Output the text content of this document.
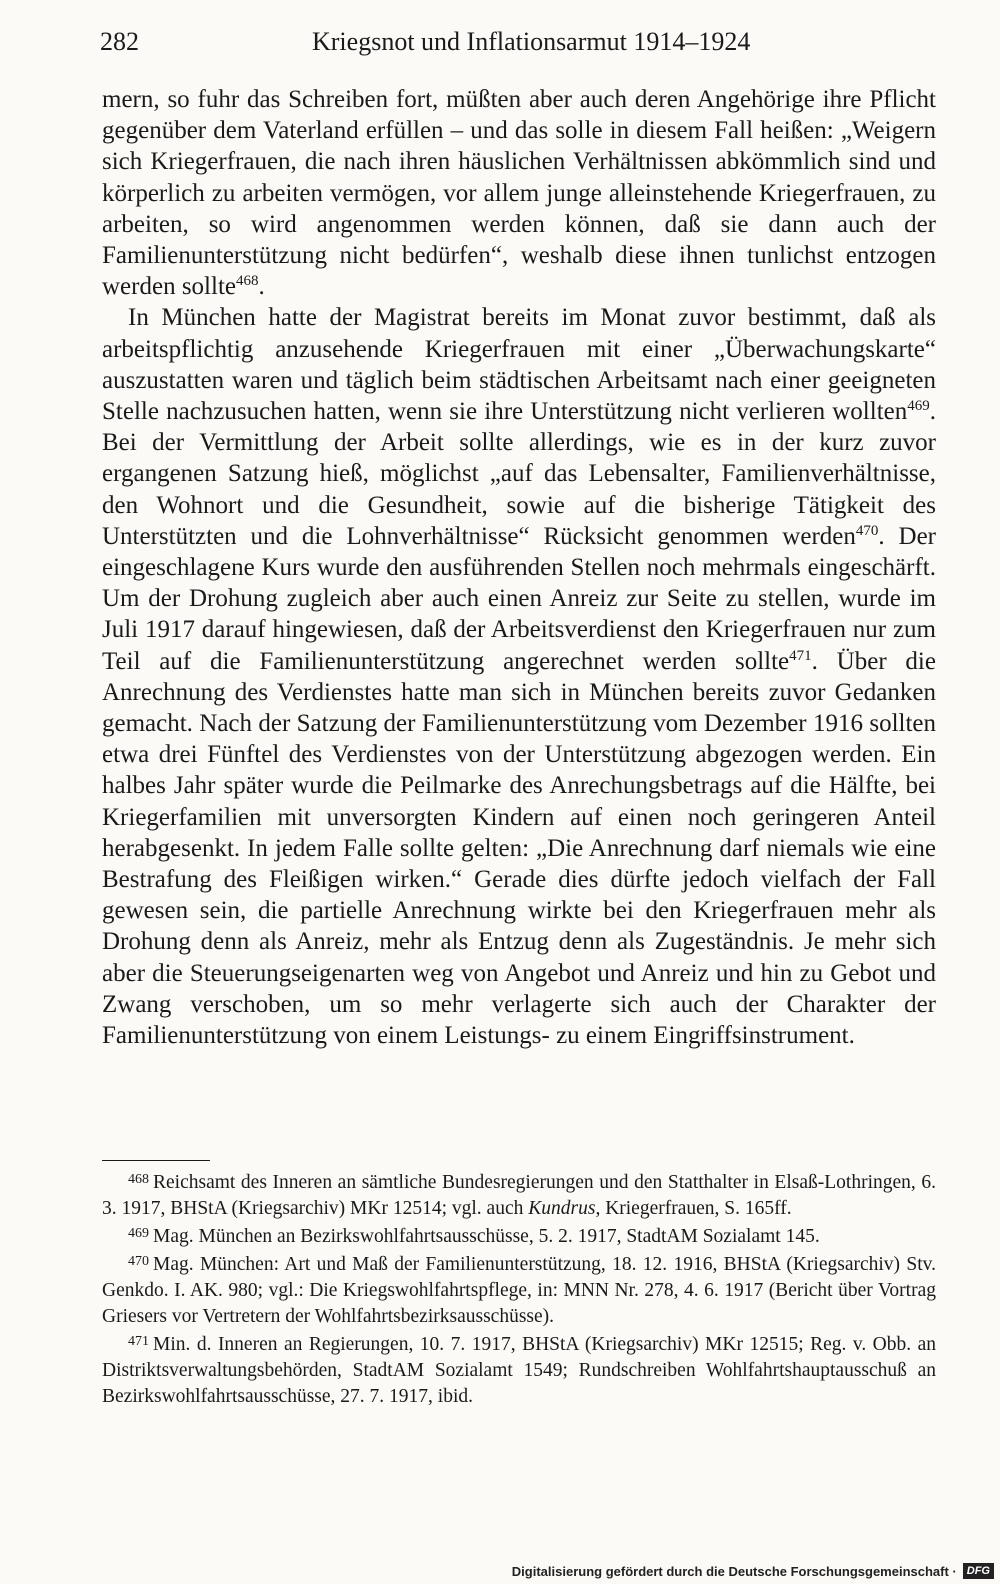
282	Kriegsnot und Inflationsarmut 1914–1924

mern, so fuhr das Schreiben fort, müßten aber auch deren Angehörige ihre Pflicht gegenüber dem Vaterland erfüllen – und das solle in diesem Fall heißen: „Weigern sich Kriegerfrauen, die nach ihren häuslichen Verhältnissen abkömmlich sind und körperlich zu arbeiten vermögen, vor allem junge alleinstehende Kriegerfrauen, zu arbeiten, so wird angenommen werden können, daß sie dann auch der Familienunterstützung nicht bedürfen“, weshalb diese ihnen tunlichst entzogen werden sollte$^{468}$.

In München hatte der Magistrat bereits im Monat zuvor bestimmt, daß als arbeitspflichtig anzusehende Kriegerfrauen mit einer „Überwachungskarte“ auszustatten waren und täglich beim städtischen Arbeitsamt nach einer geeigneten Stelle nachzusuchen hatten, wenn sie ihre Unterstützung nicht verlieren wollten$^{469}$. Bei der Vermittlung der Arbeit sollte allerdings, wie es in der kurz zuvor ergangenen Satzung hieß, möglichst „auf das Lebensalter, Familienverhältnisse, den Wohnort und die Gesundheit, sowie auf die bisherige Tätigkeit des Unterstützten und die Lohnverhältnisse“ Rücksicht genommen werden$^{470}$. Der eingeschlagene Kurs wurde den ausführenden Stellen noch mehrmals eingeschärft. Um der Drohung zugleich aber auch einen Anreiz zur Seite zu stellen, wurde im Juli 1917 darauf hingewiesen, daß der Arbeitsverdienst den Kriegerfrauen nur zum Teil auf die Familienunterstützung angerechnet werden sollte$^{471}$. Über die Anrechnung des Verdienstes hatte man sich in München bereits zuvor Gedanken gemacht. Nach der Satzung der Familienunterstützung vom Dezember 1916 sollten etwa drei Fünftel des Verdienstes von der Unterstützung abgezogen werden. Ein halbes Jahr später wurde die Peilmarke des Anrechungsbetrags auf die Hälfte, bei Kriegerfamilien mit unversorgten Kindern auf einen noch geringeren Anteil herabgesenkt. In jedem Falle sollte gelten: „Die Anrechnung darf niemals wie eine Bestrafung des Fleißigen wirken.“ Gerade dies dürfte jedoch vielfach der Fall gewesen sein, die partielle Anrechnung wirkte bei den Kriegerfrauen mehr als Drohung denn als Anreiz, mehr als Entzug denn als Zugeständnis. Je mehr sich aber die Steuerungseigenarten weg von Angebot und Anreiz und hin zu Gebot und Zwang verschoben, um so mehr verlagerte sich auch der Charakter der Familienunterstützung von einem Leistungs- zu einem Eingriffsinstrument.

$^{468}$ Reichsamt des Inneren an sämtliche Bundesregierungen und den Statthalter in Elsaß-Lothringen, 6. 3. 1917, BHStA (Kriegsarchiv) MKr 12514; vgl. auch Kundrus, Kriegerfrauen, S. 165ff.

$^{469}$ Mag. München an Bezirkswohlfahrtsausschüsse, 5. 2. 1917, StadtAM Sozialamt 145.

$^{470}$ Mag. München: Art und Maß der Familienunterstützung, 18. 12. 1916, BHStA (Kriegsarchiv) Stv. Genkdo. I. AK. 980; vgl.: Die Kriegswohlfahrtspflege, in: MNN Nr. 278, 4. 6. 1917 (Bericht über Vortrag Griesers vor Vertretern der Wohlfahrtsbezirksausschüsse).

$^{471}$ Min. d. Inneren an Regierungen, 10. 7. 1917, BHStA (Kriegsarchiv) MKr 12515; Reg. v. Obb. an Distriktsverwaltungsbehörden, StadtAM Sozialamt 1549; Rundschreiben Wohlfahrtshauptausschuß an Bezirkswohlfahrtsausschüsse, 27. 7. 1917, ibid.

Digitalisierung gefördert durch die Deutsche Forschungsgemeinschaft · DFG
